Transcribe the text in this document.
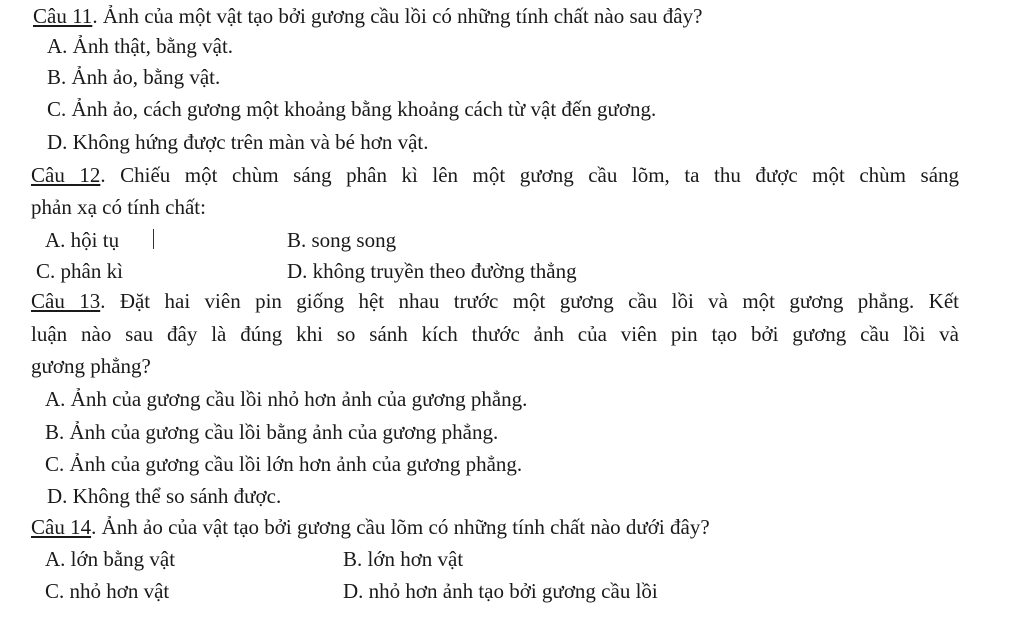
Câu 11. Ảnh của một vật tạo bởi gương cầu lồi có những tính chất nào sau đây?
A. Ảnh thật, bằng vật.
B. Ảnh ảo, bằng vật.
C. Ảnh ảo, cách gương một khoảng bằng khoảng cách từ vật đến gương.
D. Không hứng được trên màn và bé hơn vật.
Câu 12. Chiếu một chùm sáng phân kì lên một gương cầu lõm, ta thu được một chùm sáng
phản xạ có tính chất:
A. hội tụ	B. song song
C. phân kì	D. không truyền theo đường thẳng
Câu 13. Đặt hai viên pin giống hệt nhau trước một gương cầu lồi và một gương phẳng. Kết
luận nào sau đây là đúng khi so sánh kích thước ảnh của viên pin tạo bởi gương cầu lồi và
gương phẳng?
A. Ảnh của gương cầu lồi nhỏ hơn ảnh của gương phẳng.
B. Ảnh của gương cầu lồi bằng ảnh của gương phẳng.
C. Ảnh của gương cầu lồi lớn hơn ảnh của gương phẳng.
D. Không thể so sánh được.
Câu 14. Ảnh ảo của vật tạo bởi gương cầu lõm có những tính chất nào dưới đây?
A. lớn bằng vật	B. lớn hơn vật
C. nhỏ hơn vật	D. nhỏ hơn ảnh tạo bởi gương cầu lồi
